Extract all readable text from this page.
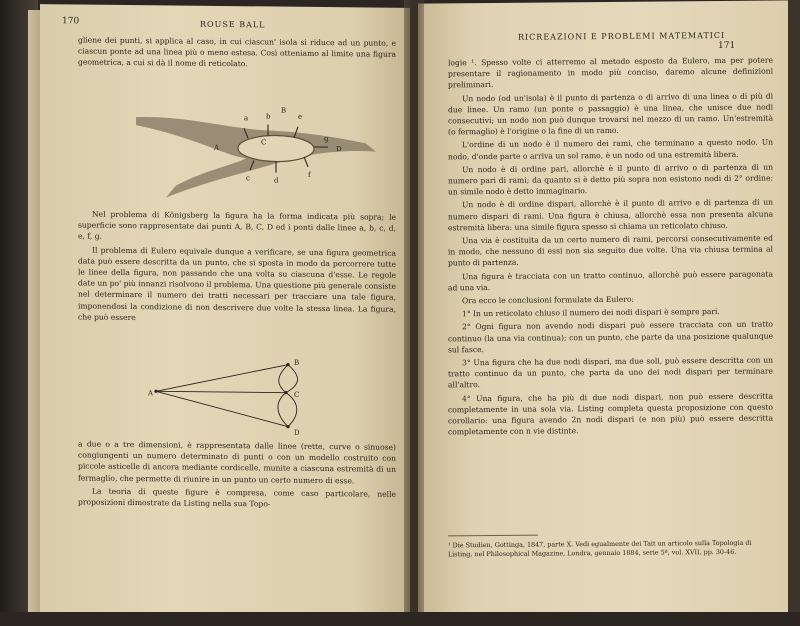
170	ROUSE BALL

gliene dei punti, si applica al caso, in cui ciascun' isola si riduce ad un punto, e ciascun ponte ad una linea più o meno estesa. Così otteniamo al limite una figura geometrica, a cui si dà il nome di reticolato.

a	b
B
e
C
A	D
c	d
f
g

Nel problema di Königsberg la figura ha la forma indicata più sopra; le superficie sono rappresentate dai punti A, B, C, D ed i ponti dalle linee a, b, c, d, e, f, g.

Il problema di Eulero equivale dunque a verificare, se una figura geometrica data può essere descritta da un punto, che si sposta in modo da percorrere tutte le linee della figura, non passando che una volta su ciascuna d'esse. Le regole date un po' più innanzi risolvono il problema. Una questione più generale consiste nel determinare il numero dei tratti necessari per tracciare una tale figura, imponendosi la condizione di non descrivere due volte la stessa linea. La figura, che può essere

A
B
C
D

a due o a tre dimensioni, è rappresentata dalle linee (rette, curve o sinuose) congiungenti un numero determinato di punti o con un modello costruito con piccole asticelle di ancora mediante cordicelle, munite a ciascuna estremità di un fermaglio, che permette di riunire in un punto un certo numero di esse.

La teoria di queste figure è compresa, come caso particolare, nelle proposizioni dimostrate da Listing nella sua Topo-

RICREAZIONI E PROBLEMI MATEMATICI
171

logie ¹. Spesso volte ci atterremo al metodo esposto da Eulero, ma per potere presentare il ragionamento in modo più conciso, daremo alcune definizioni preliminari.

Un nodo (od un'isola) è il punto di partenza o di arrivo di una linea o di più di due linee. Un ramo (un ponte o passaggio) è una linea, che unisce due nodi consecutivi; un nodo non può dunque trovarsi nel mezzo di un ramo. Un'estremità (o fermaglio) è l'origine o la fine di un ramo.

L'ordine di un nodo è il numero dei rami, che terminano a questo nodo. Un nodo, d'onde parte o arriva un sol ramo, è un nodo od una estremità libera.

Un nodo è di ordine pari, allorchè è il punto di arrivo o di partenza di un numero pari di rami; da quanto si è detto più sopra non esistono nodi di 2° ordine: un simile nodo è detto immaginario.

Un nodo è di ordine dispari, allorchè è il punto di arrivo e di partenza di un numero dispari di rami. Una figura è chiusa, allorchè essa non presenta alcuna estremità libera: una simile figura spesso si chiama un reticolato chiuso.

Una via è costituita da un certo numero di rami, percorsi consecutivamente ed in modo, che nessuno di essi non sia seguito due volte. Una via chiusa termina al punto di partenza.

Una figura è tracciata con un tratto continuo, allorchè può essere paragonata ad una via.

Ora ecco le conclusioni formulate da Eulero:

1° In un reticolato chiuso il numero dei nodi dispari è sempre pari.

2° Ogni figura non avendo nodi dispari può essere tracciata con un tratto continuo (la una via continua); con un punto, che parte da una posizione qualunque sul fasce.

3° Una figura che ha due nodi dispari, ma due soli, può essere descritta con un tratto continuo da un punto, che parta da uno dei nodi dispari per terminare all'altro.

4° Una figura, che ha più di due nodi dispari, non può essere descritta completamente in una sola via. Listing completa questa proposizione con questo corollario: una figura avendo 2n nodi dispari (e non più) può essere descritta completamente con n vie distinte.

¹ Die Studien, Gottinga, 1847, parte X. Vedi egualmente dei Tait un articolo sulla Topologia di Listing, nel Philosophical Magazine, Londra, gennaio 1884, serie 5ª, vol. XVII, pp. 30-46.
